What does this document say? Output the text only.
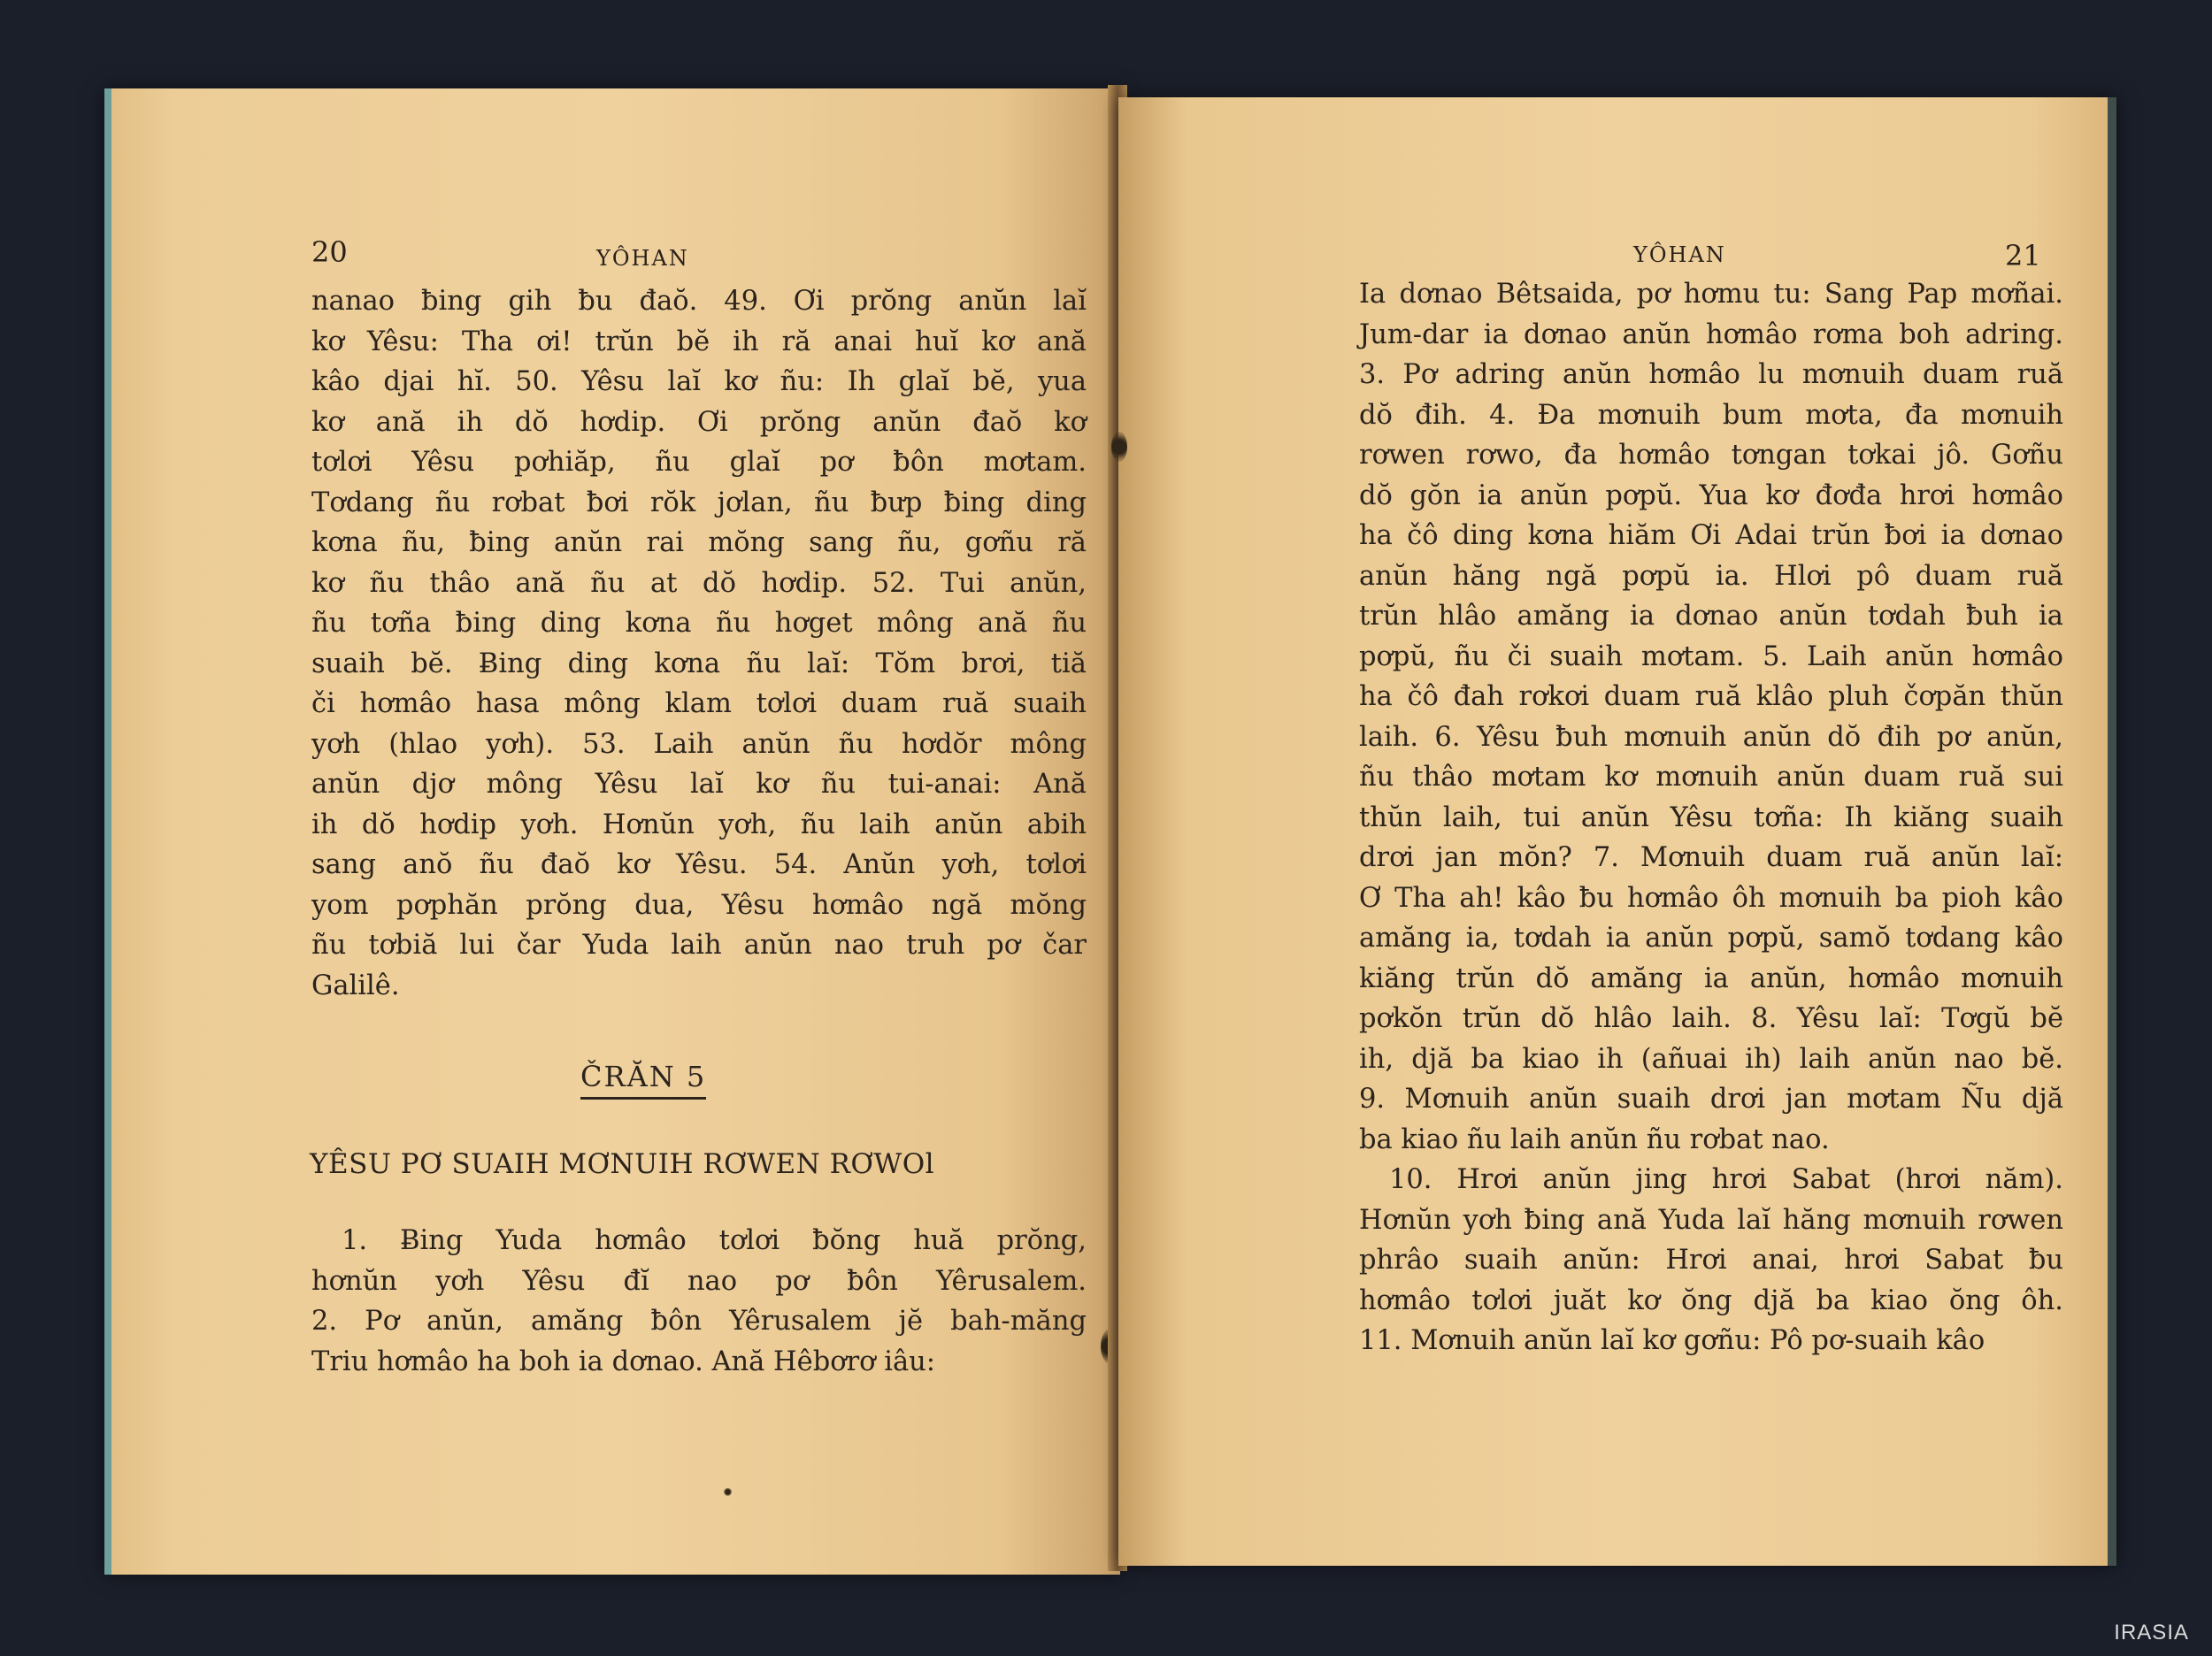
20	YÔHAN
nanao ƀing gih ƀu đaŏ. 49. Ơi prŏng anŭn laĭ
kơ Yêsu: Tha ơi! trŭn bĕ ih ră anai huĭ kơ ană
kâo djai hĭ. 50. Yêsu laĭ kơ ñu: Ih glaĭ bĕ, yua
kơ ană ih dŏ hơdip. Ơi prŏng anŭn đaŏ kơ
tơlơi Yêsu pơhiăp, ñu glaĭ pơ ƀôn mơtam.
Tơdang ñu rơbat ƀơi rŏk jơlan, ñu ƀưp ƀing ding
kơna ñu, ƀing anŭn rai mŏng sang ñu, gơñu ră
kơ ñu thâo ană ñu at dŏ hơdip. 52. Tui anŭn,
ñu tơña ƀing ding kơna ñu hơget mông ană ñu
suaih bĕ. Ƀing ding kơna ñu laĭ: Tŏm brơi, tiă
či hơmâo hasa mông klam tơlơi duam ruă suaih
yơh (hlao yơh). 53. Laih anŭn ñu hơdŏr mông
anŭn djơ mông Yêsu laĭ kơ ñu tui-anai: Ană
ih dŏ hơdip yơh. Hơnŭn yơh, ñu laih anŭn abih
sang anŏ ñu đaŏ kơ Yêsu. 54. Anŭn yơh, tơlơi
yom pơphăn prŏng dua, Yêsu hơmâo ngă mŏng
ñu tơbiă lui čar Yuda laih anŭn nao truh pơ čar
Galilê.
ČRĂN 5
YÊSU PƠ SUAIH MƠNUIH RƠWEN RƠWOl
1. Ƀing Yuda hơmâo tơlơi ƀŏng huă prŏng,
hơnŭn yơh Yêsu đĭ nao pơ ƀôn Yêrusalem.
2. Pơ anŭn, amăng ƀôn Yêrusalem jĕ bah-măng
Triu hơmâo ha boh ia dơnao. Ană Hêbơrơ iâu:
YÔHAN	21
Ia dơnao Bêtsaida, pơ hơmu tu: Sang Pap mơñai.
Jum-dar ia dơnao anŭn hơmâo rơma boh adring.
3. Pơ adring anŭn hơmâo lu mơnuih duam ruă
dŏ đih. 4. Đa mơnuih bum mơta, đa mơnuih
rơwen rơwo, đa hơmâo tơngan tơkai jô. Gơñu
dŏ gŏn ia anŭn pơpŭ. Yua kơ đơđa hrơi hơmâo
ha čô ding kơna hiăm Ơi Adai trŭn ƀơi ia dơnao
anŭn hăng ngă pơpŭ ia. Hlơi pô duam ruă
trŭn hlâo amăng ia dơnao anŭn tơdah ƀuh ia
pơpŭ, ñu či suaih mơtam. 5. Laih anŭn hơmâo
ha čô đah rơkơi duam ruă klâo pluh čơpăn thŭn
laih. 6. Yêsu ƀuh mơnuih anŭn dŏ đih pơ anŭn,
ñu thâo mơtam kơ mơnuih anŭn duam ruă sui
thŭn laih, tui anŭn Yêsu tơña: Ih kiăng suaih
drơi jan mŏn? 7. Mơnuih duam ruă anŭn laĭ:
Ơ Tha ah! kâo ƀu hơmâo ôh mơnuih ba pioh kâo
amăng ia, tơdah ia anŭn pơpŭ, samŏ tơdang kâo
kiăng trŭn dŏ amăng ia anŭn, hơmâo mơnuih
pơkŏn trŭn dŏ hlâo laih. 8. Yêsu laĭ: Tơgŭ bĕ
ih, djă ba kiao ih (añuai ih) laih anŭn nao bĕ.
9. Mơnuih anŭn suaih drơi jan mơtam Ñu djă
ba kiao ñu laih anŭn ñu rơbat nao.
10. Hrơi anŭn jing hrơi Sabat (hrơi năm).
Hơnŭn yơh ƀing ană Yuda laĭ hăng mơnuih rơwen
phrâo suaih anŭn: Hrơi anai, hrơi Sabat ƀu
hơmâo tơlơi juăt kơ ŏng djă ba kiao ŏng ôh.
11. Mơnuih anŭn laĭ kơ gơñu: Pô pơ-suaih kâo
IRASIA
